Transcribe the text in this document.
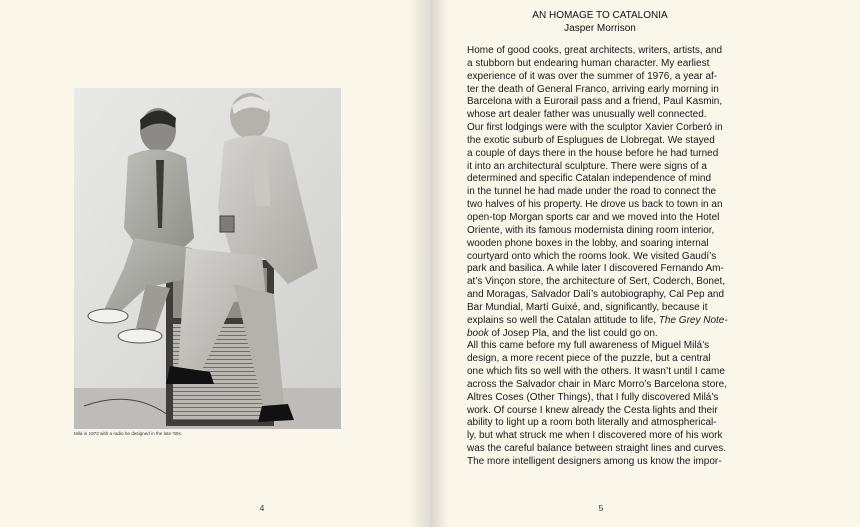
Milá in 1972 with a radio he designed in the late ’60s.
4
AN HOMAGE TO CATALONIA
Jasper Morrison
Home of good cooks, great architects, writers, artists, and
a stubborn but endearing human character. My earliest
experience of it was over the summer of 1976, a year af-
ter the death of General Franco, arriving early morning in
Barcelona with a Eurorail pass and a friend, Paul Kasmin,
whose art dealer father was unusually well connected.
Our first lodgings were with the sculptor Xavier Corberó in
the exotic suburb of Esplugues de Llobregat. We stayed
a couple of days there in the house before he had turned
it into an architectural sculpture. There were signs of a
determined and specific Catalan independence of mind
in the tunnel he had made under the road to connect the
two halves of his property. He drove us back to town in an
open-top Morgan sports car and we moved into the Hotel
Oriente, with its famous modernista dining room interior,
wooden phone boxes in the lobby, and soaring internal
courtyard onto which the rooms look. We visited Gaudí’s
park and basilica. A while later I discovered Fernando Am-
at’s Vinçon store, the architecture of Sert, Coderch, Bonet,
and Moragas, Salvador Dalí’s autobiography, Cal Pep and
Bar Mundial, Martí Guixé, and, significantly, because it
explains so well the Catalan attitude to life, The Grey Note-
book of Josep Pla, and the list could go on.
All this came before my full awareness of Miguel Milá’s
design, a more recent piece of the puzzle, but a central
one which fits so well with the others. It wasn’t until I came
across the Salvador chair in Marc Morro’s Barcelona store,
Altres Coses (Other Things), that I fully discovered Milá’s
work. Of course I knew already the Cesta lights and their
ability to light up a room both literally and atmospherical-
ly, but what struck me when I discovered more of his work
was the careful balance between straight lines and curves.
The more intelligent designers among us know the impor-
5
